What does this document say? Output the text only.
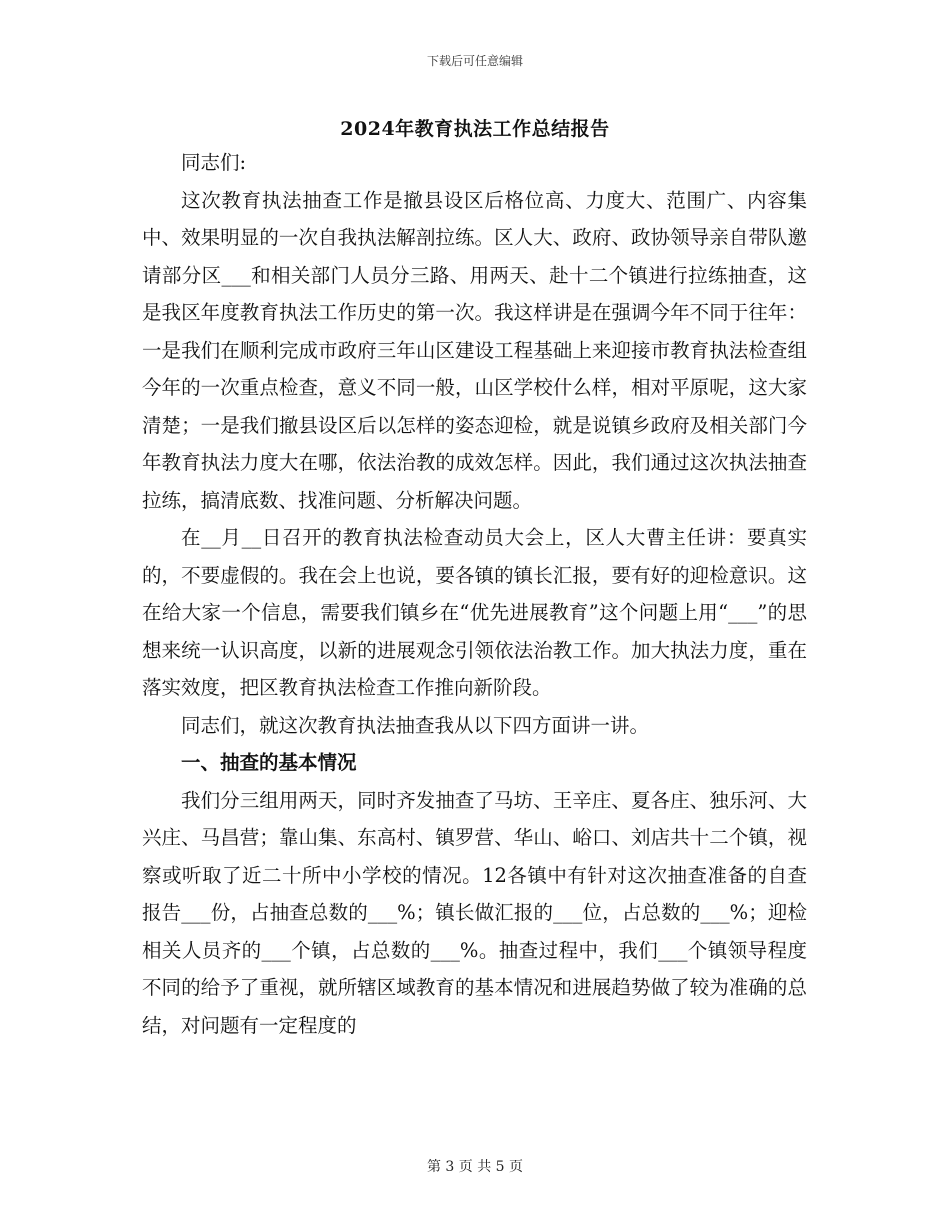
下载后可任意编辑
2024年教育执法工作总结报告

同志们:

这次教育执法抽查工作是撤县设区后格位高、力度大、范围广、内容集中、效果明显的一次自我执法解剖拉练。区人大、政府、政协领导亲自带队邀请部分区___和相关部门人员分三路、用两天、赴十二个镇进行拉练抽查，这是我区年度教育执法工作历史的第一次。我这样讲是在强调今年不同于往年：一是我们在顺利完成市政府三年山区建设工程基础上来迎接市教育执法检查组今年的一次重点检查，意义不同一般，山区学校什么样，相对平原呢，这大家清楚；一是我们撤县设区后以怎样的姿态迎检，就是说镇乡政府及相关部门今年教育执法力度大在哪，依法治教的成效怎样。因此，我们通过这次执法抽查拉练，搞清底数、找准问题、分析解决问题。

在__月__日召开的教育执法检查动员大会上，区人大曹主任讲：要真实的，不要虚假的。我在会上也说，要各镇的镇长汇报，要有好的迎检意识。这在给大家一个信息，需要我们镇乡在“优先进展教育”这个问题上用“___”的思想来统一认识高度，以新的进展观念引领依法治教工作。加大执法力度，重在落实效度，把区教育执法检查工作推向新阶段。

同志们，就这次教育执法抽查我从以下四方面讲一讲。

一、抽查的基本情况

我们分三组用两天，同时齐发抽查了马坊、王辛庄、夏各庄、独乐河、大兴庄、马昌营；靠山集、东高村、镇罗营、华山、峪口、刘店共十二个镇，视察或听取了近二十所中小学校的情况。12各镇中有针对这次抽查准备的自查报告___份，占抽查总数的___%；镇长做汇报的___位，占总数的___%；迎检相关人员齐的___个镇，占总数的___%。抽查过程中，我们___个镇领导程度不同的给予了重视，就所辖区域教育的基本情况和进展趋势做了较为准确的总结，对问题有一定程度的

第 3 页 共 5 页
